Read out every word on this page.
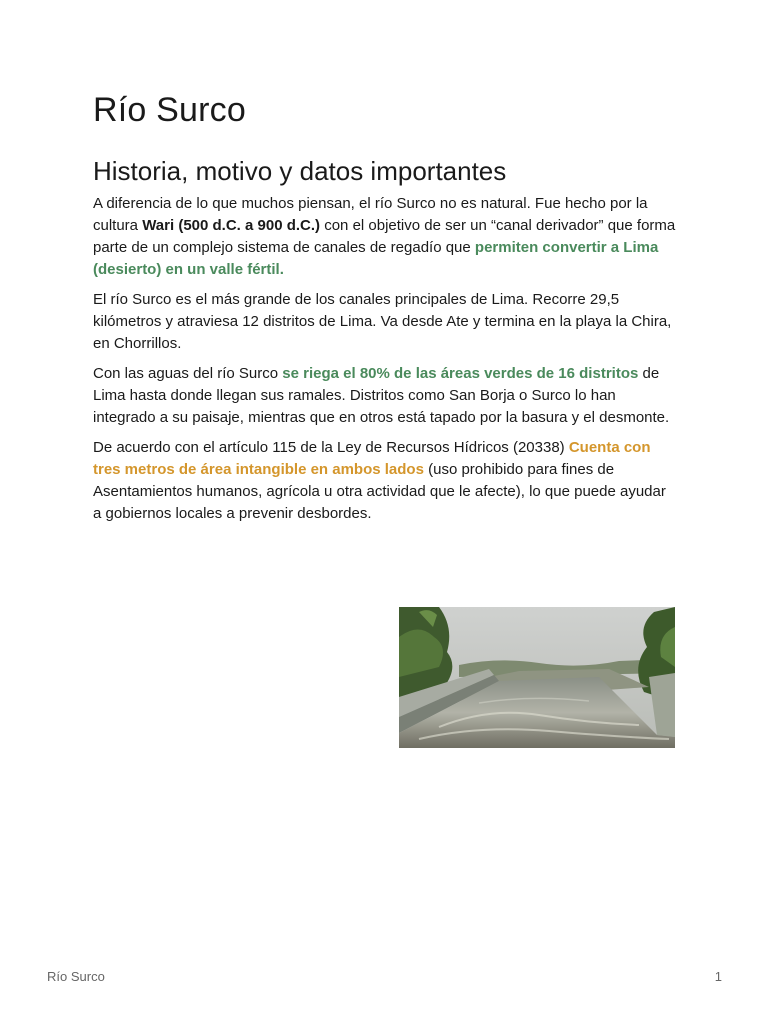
Río Surco
Historia, motivo y datos importantes

A diferencia de lo que muchos piensan, el río Surco no es natural. Fue hecho por la cultura Wari (500 d.C. a 900 d.C.) con el objetivo de ser un “canal derivador” que forma parte de un complejo sistema de canales de regadío que permiten convertir a Lima (desierto) en un valle fértil.

El río Surco es el más grande de los canales principales de Lima. Recorre 29,5 kilómetros y atraviesa 12 distritos de Lima. Va desde Ate y termina en la playa la Chira, en Chorrillos.

Con las aguas del río Surco se riega el 80% de las áreas verdes de 16 distritos de Lima hasta donde llegan sus ramales. Distritos como San Borja o Surco lo han integrado a su paisaje, mientras que en otros está tapado por la basura y el desmonte.

De acuerdo con el artículo 115 de la Ley de Recursos Hídricos (20338) Cuenta con tres metros de área intangible en ambos lados (uso prohibido para fines de Asentamientos humanos, agrícola u otra actividad que le afecte), lo que puede ayudar a gobiernos locales a prevenir desbordes.

Río Surco	1
